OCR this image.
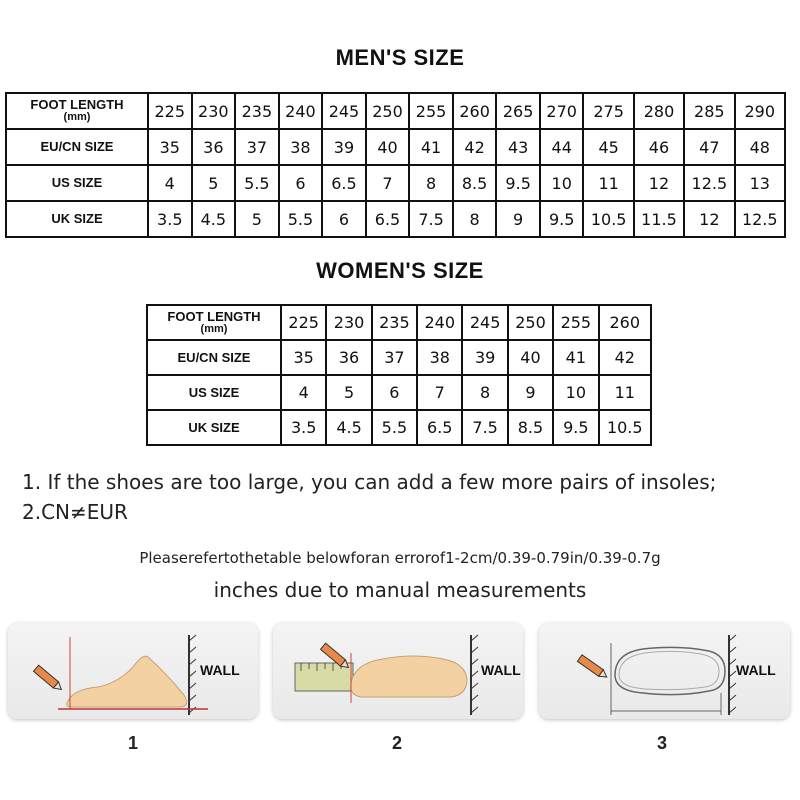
MEN'S SIZE
FOOT LENGTH
(mm)	225	230	235	240	245	250	255	260	265	270	275	280	285	290
EU/CN SIZE	35	36	37	38	39	40	41	42	43	44	45	46	47	48
US SIZE	4	5	5.5	6	6.5	7	8	8.5	9.5	10	11	12	12.5	13
UK SIZE	3.5	4.5	5	5.5	6	6.5	7.5	8	9	9.5	10.5	11.5	12	12.5
WOMEN'S SIZE
FOOT LENGTH
(mm)	225	230	235	240	245	250	255	260
EU/CN SIZE	35	36	37	38	39	40	41	42
US SIZE	4	5	6	7	8	9	10	11
UK SIZE	3.5	4.5	5.5	6.5	7.5	8.5	9.5	10.5
1. If the shoes are too large, you can add a few more pairs of insoles;
2.CN≠EUR
Pleaserefertothetable belowforan errorof1-2cm/0.39-0.79in/0.39-0.7g
inches due to manual measurements
WALL	WALL	WALL
1	2	3
